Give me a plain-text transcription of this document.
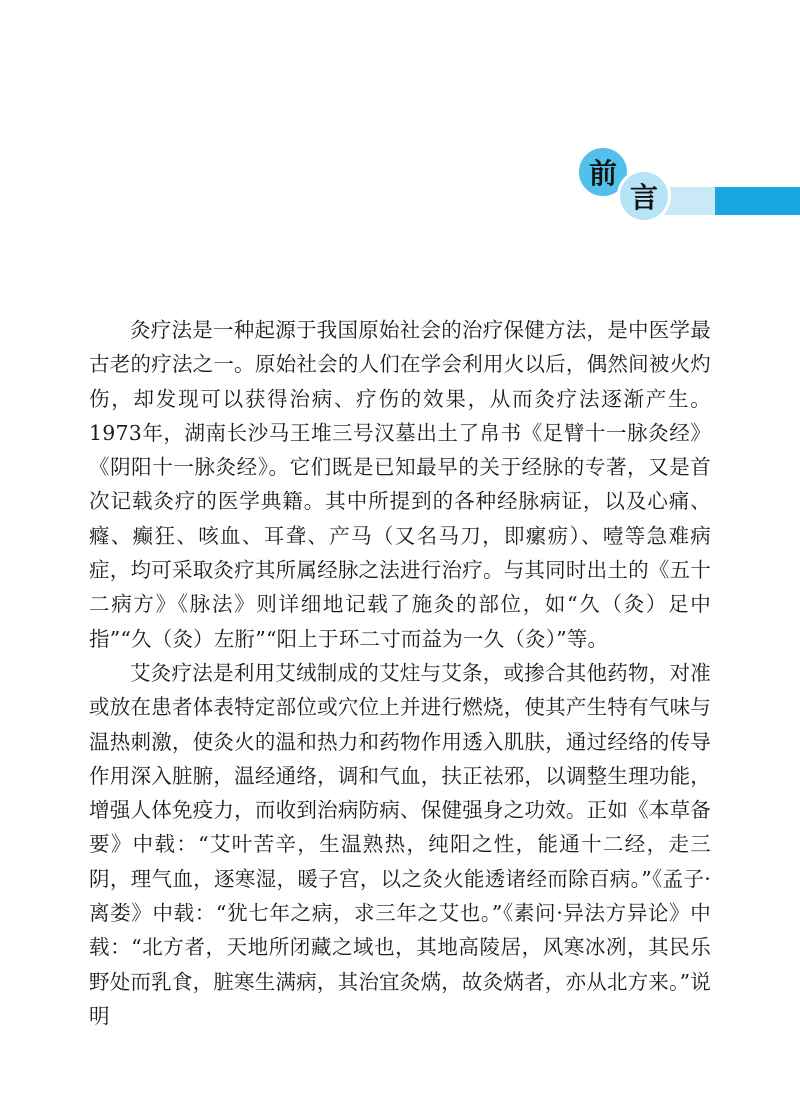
前
言

灸疗法是一种起源于我国原始社会的治疗保健方法，是中医学最古老的疗法之一。原始社会的人们在学会利用火以后，偶然间被火灼伤，却发现可以获得治病、疗伤的效果，从而灸疗法逐渐产生。1973年，湖南长沙马王堆三号汉墓出土了帛书《足臂十一脉灸经》《阴阳十一脉灸经》。它们既是已知最早的关于经脉的专著，又是首次记载灸疗的医学典籍。其中所提到的各种经脉病证，以及心痛、癃、癫狂、咳血、耳聋、产马（又名马刀，即瘰疬）、噎等急难病症，均可采取灸疗其所属经脉之法进行治疗。与其同时出土的《五十二病方》《脉法》则详细地记载了施灸的部位，如“久（灸）足中指”“久（灸）左胻”“阳上于环二寸而益为一久（灸）”等。

艾灸疗法是利用艾绒制成的艾炷与艾条，或掺合其他药物，对准或放在患者体表特定部位或穴位上并进行燃烧，使其产生特有气味与温热刺激，使灸火的温和热力和药物作用透入肌肤，通过经络的传导作用深入脏腑，温经通络，调和气血，扶正祛邪，以调整生理功能，增强人体免疫力，而收到治病防病、保健强身之功效。正如《本草备要》中载：“艾叶苦辛，生温熟热，纯阳之性，能通十二经，走三阴，理气血，逐寒湿，暖子宫，以之灸火能透诸经而除百病。”《孟子·离娄》中载：“犹七年之病，求三年之艾也。”《素问·异法方异论》中载：“北方者，天地所闭藏之域也，其地高陵居，风寒冰冽，其民乐野处而乳食，脏寒生满病，其治宜灸焫，故灸焫者，亦从北方来。”说明
